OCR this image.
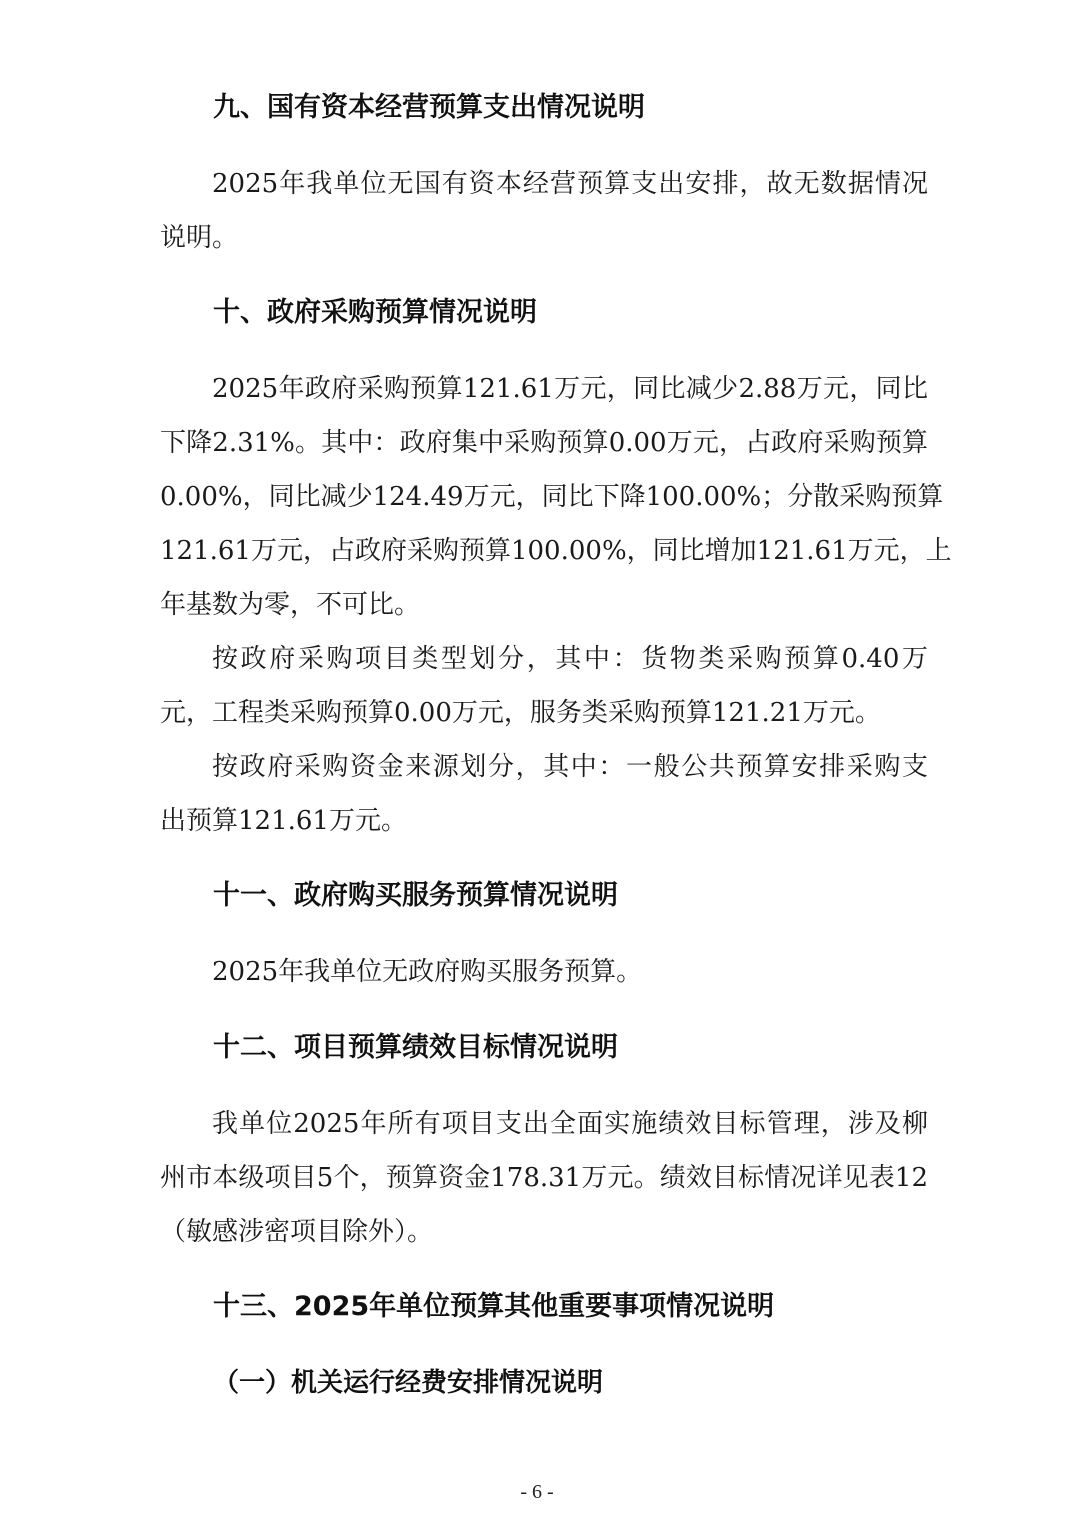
九、国有资本经营预算支出情况说明
2025年我单位无国有资本经营预算支出安排，故无数据情况
说明。
十、政府采购预算情况说明
2025年政府采购预算121.61万元，同比减少2.88万元，同比
下降2.31%。其中：政府集中采购预算0.00万元，占政府采购预算
0.00%，同比减少124.49万元，同比下降100.00%；分散采购预算
121.61万元，占政府采购预算100.00%，同比增加121.61万元，上
年基数为零，不可比。
按政府采购项目类型划分，其中：货物类采购预算0.40万
元，工程类采购预算0.00万元，服务类采购预算121.21万元。
按政府采购资金来源划分，其中：一般公共预算安排采购支
出预算121.61万元。
十一、政府购买服务预算情况说明
2025年我单位无政府购买服务预算。
十二、项目预算绩效目标情况说明
我单位2025年所有项目支出全面实施绩效目标管理，涉及柳
州市本级项目5个，预算资金178.31万元。绩效目标情况详见表12
（敏感涉密项目除外）。
十三、2025年单位预算其他重要事项情况说明
（一）机关运行经费安排情况说明
- 6 -
